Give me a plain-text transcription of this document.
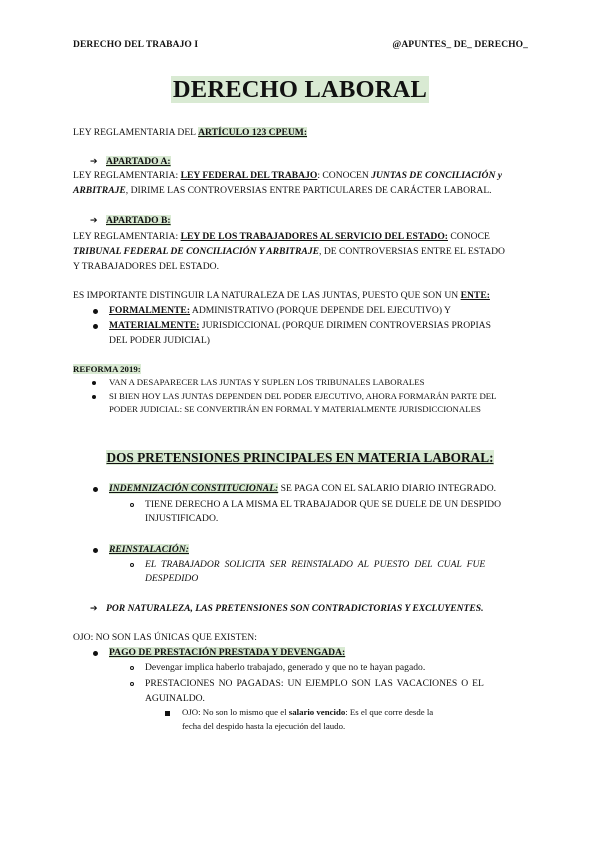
DERECHO DEL TRABAJO I	@APUNTES_ DE_ DERECHO_
DERECHO LABORAL
LEY REGLAMENTARIA DEL ARTÍCULO 123 CPEUM:
➔ APARTADO A:
LEY REGLAMENTARIA: LEY FEDERAL DEL TRABAJO: CONOCEN JUNTAS DE CONCILIACIÓN y
ARBITRAJE, DIRIME LAS CONTROVERSIAS ENTRE PARTICULARES DE CARÁCTER LABORAL.
➔ APARTADO B:
LEY REGLAMENTARIA: LEY DE LOS TRABAJADORES AL SERVICIO DEL ESTADO: CONOCE
TRIBUNAL FEDERAL DE CONCILIACIÓN Y ARBITRAJE, DE CONTROVERSIAS ENTRE EL ESTADO
Y TRABAJADORES DEL ESTADO.
ES IMPORTANTE DISTINGUIR LA NATURALEZA DE LAS JUNTAS, PUESTO QUE SON UN ENTE:
FORMALMENTE: ADMINISTRATIVO (PORQUE DEPENDE DEL EJECUTIVO) Y
MATERIALMENTE: JURISDICCIONAL (PORQUE DIRIMEN CONTROVERSIAS PROPIAS
DEL PODER JUDICIAL)
REFORMA 2019:
VAN A DESAPARECER LAS JUNTAS Y SUPLEN LOS TRIBUNALES LABORALES
SI BIEN HOY LAS JUNTAS DEPENDEN DEL PODER EJECUTIVO, AHORA FORMARÁN PARTE DEL
PODER JUDICIAL: SE CONVERTIRÁN EN FORMAL Y MATERIALMENTE JURISDICCIONALES
DOS PRETENSIONES PRINCIPALES EN MATERIA LABORAL:
INDEMNIZACIÓN CONSTITUCIONAL: SE PAGA CON EL SALARIO DIARIO INTEGRADO.
TIENE DERECHO A LA MISMA EL TRABAJADOR QUE SE DUELE DE UN DESPIDO
INJUSTIFICADO.
REINSTALACIÓN:
EL TRABAJADOR SOLICITA SER REINSTALADO AL PUESTO DEL CUAL FUE
DESPEDIDO
➔ POR NATURALEZA, LAS PRETENSIONES SON CONTRADICTORIAS Y EXCLUYENTES.
OJO: NO SON LAS ÚNICAS QUE EXISTEN:
PAGO DE PRESTACIÓN PRESTADA Y DEVENGADA:
Devengar implica haberlo trabajado, generado y que no te hayan pagado.
PRESTACIONES NO PAGADAS: UN EJEMPLO SON LAS VACACIONES O EL
AGUINALDO.
OJO: No son lo mismo que el salario vencido: Es el que corre desde la
fecha del despido hasta la ejecución del laudo.
